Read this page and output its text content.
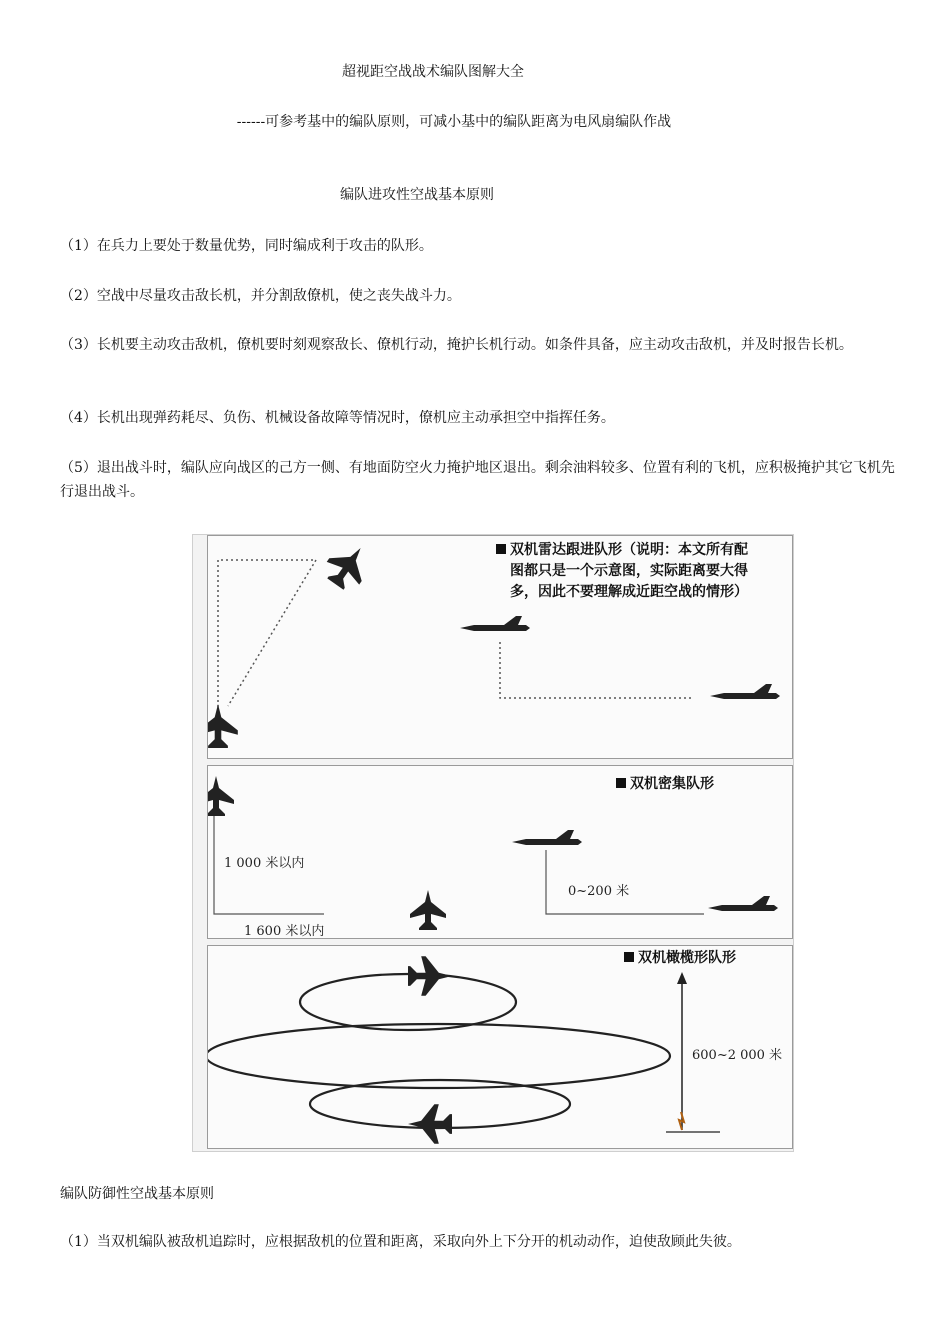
超视距空战战术编队图解大全
------可参考基中的编队原则，可减小基中的编队距离为电风扇编队作战
编队进攻性空战基本原则
（1）在兵力上要处于数量优势，同时编成利于攻击的队形。
（2）空战中尽量攻击敌长机，并分割敌僚机，使之丧失战斗力。
（3）长机要主动攻击敌机，僚机要时刻观察敌长、僚机行动，掩护长机行动。如条件具备，应主动攻击敌机，并及时报告长机。
（4）长机出现弹药耗尽、负伤、机械设备故障等情况时，僚机应主动承担空中指挥任务。
（5）退出战斗时，编队应向战区的己方一侧、有地面防空火力掩护地区退出。剩余油料较多、位置有利的飞机，应积极掩护其它飞机先行退出战斗。
双机雷达跟进队形（说明：本文所有配
图都只是一个示意图，实际距离要大得
多，因此不要理解成近距空战的情形）
双机密集队形
1 000 米以内
1 600 米以内
0~200 米
双机橄榄形队形
600~2 000 米
编队防御性空战基本原则
（1）当双机编队被敌机追踪时，应根据敌机的位置和距离，采取向外上下分开的机动动作，迫使敌顾此失彼。
